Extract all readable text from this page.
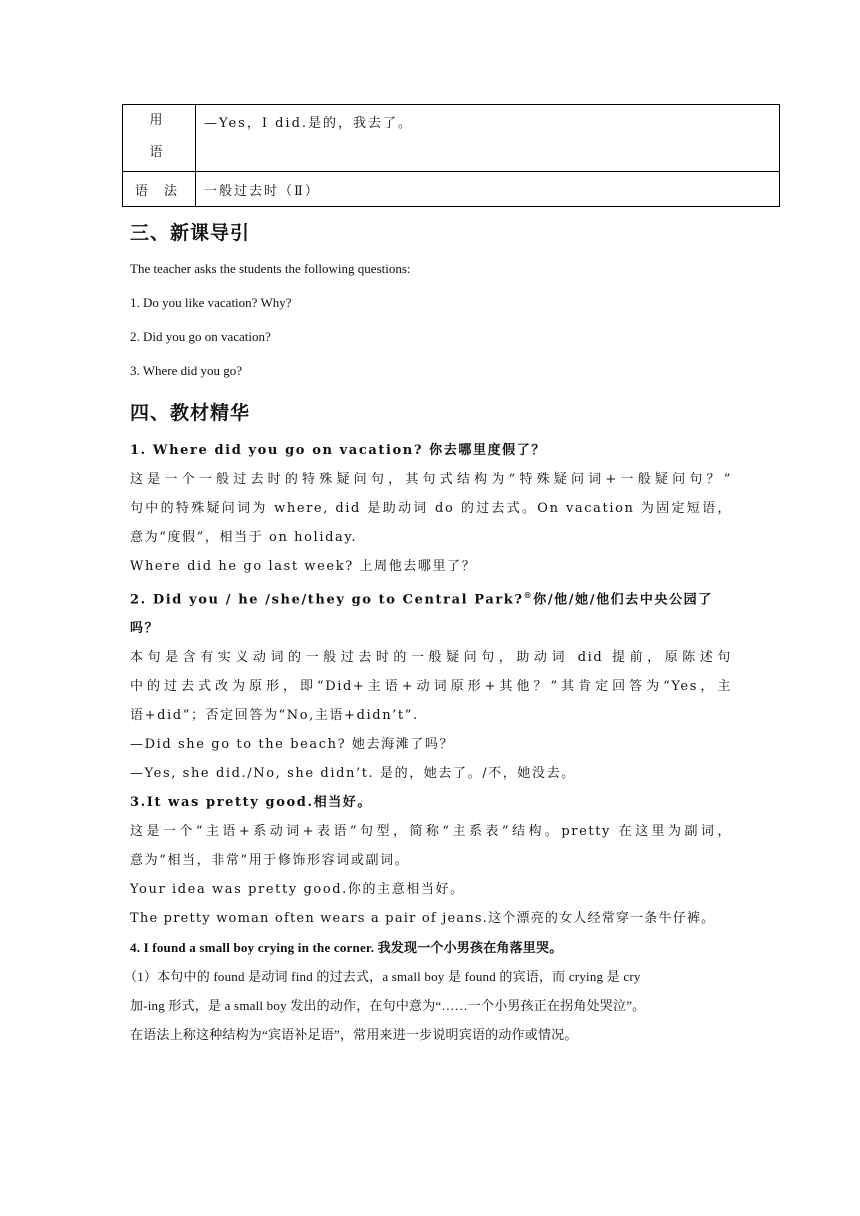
用
语	—Yes，I did.是的，我去了。
语 法	一般过去时（Ⅱ）
三、新课导引
The teacher asks the students the following questions:
1. Do you like vacation? Why?
2. Did you go on vacation?
3. Where did you go?
四、教材精华

1. Where did you go on vacation? 你去哪里度假了？

这是一个一般过去时的特殊疑问句，其句式结构为“特殊疑问词+一般疑问句？”

句中的特殊疑问词为 where, did 是助动词 do 的过去式。On vacation 为固定短语，

意为“度假”，相当于 on holiday.

Where did he go last week? 上周他去哪里了？

2. Did you / he /she/they go to Central Park?®你/他/她/他们去中央公园了吗？

本句是含有实义动词的一般过去时的一般疑问句，助动词 did 提前，原陈述句

中的过去式改为原形，即“Did+主语+动词原形+其他？”其肯定回答为“Yes，主

语+did”；否定回答为“No,主语+didn’t”.

—Did she go to the beach? 她去海滩了吗？

—Yes, she did./No, she didn’t. 是的，她去了。/不，她没去。

3.It was pretty good.相当好。

这是一个“主语+系动词+表语”句型，简称“主系表”结构。pretty 在这里为副词，

意为“相当，非常”用于修饰形容词或副词。

Your idea was pretty good.你的主意相当好。

The pretty woman often wears a pair of jeans.这个漂亮的女人经常穿一条牛仔裤。

4. I found a small boy crying in the corner. 我发现一个小男孩在角落里哭。

（1）本句中的 found 是动词 find 的过去式，a small boy 是 found 的宾语，而 crying 是 cry

加-ing 形式，是 a small boy 发出的动作，在句中意为“……一个小男孩正在拐角处哭泣”。

在语法上称这种结构为“宾语补足语”，常用来进一步说明宾语的动作或情况。
